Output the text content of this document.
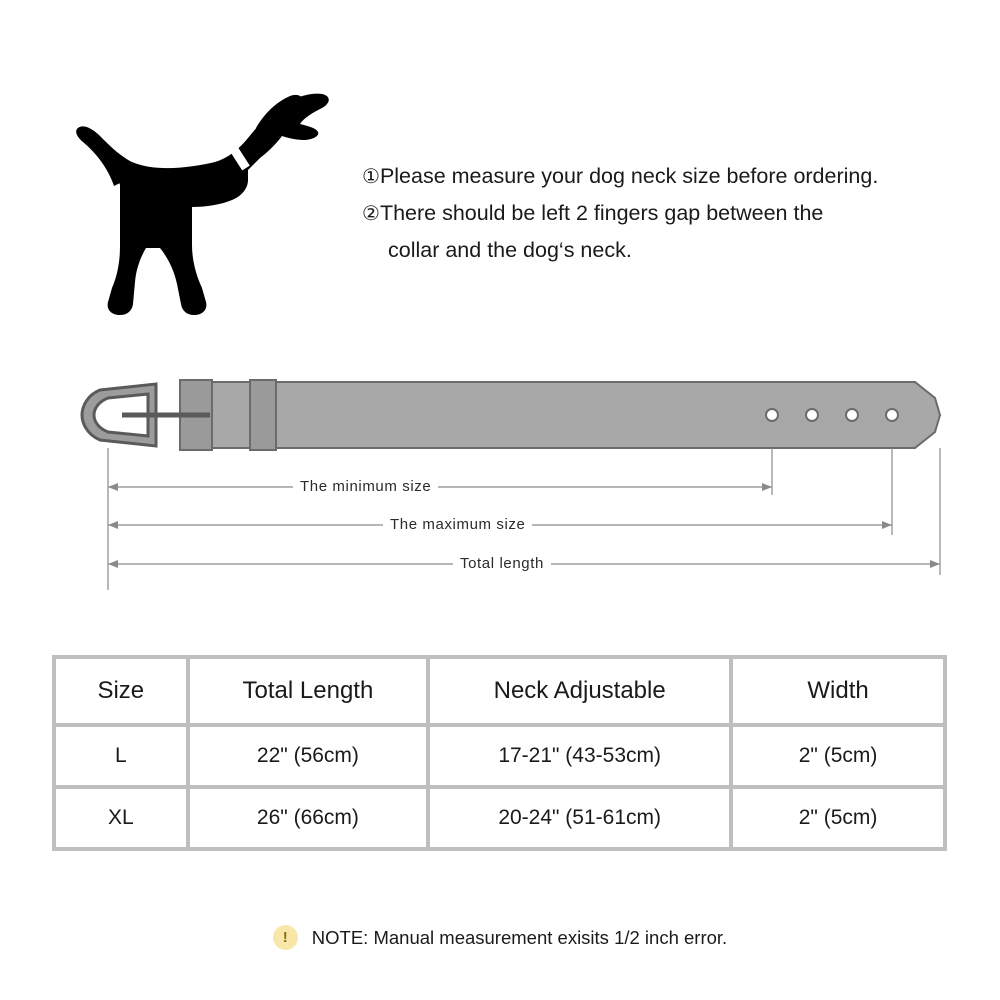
①Please measure your dog neck size before ordering.
②There should be left 2 fingers gap between the
collar and the dog‘s neck.
The minimum size
The maximum size
Total length
Size	Total Length	Neck Adjustable	Width
L	22" (56cm)	17-21" (43-53cm)	2" (5cm)
XL	26" (66cm)	20-24" (51-61cm)	2" (5cm)
!	NOTE: Manual measurement exisits 1/2 inch error.
